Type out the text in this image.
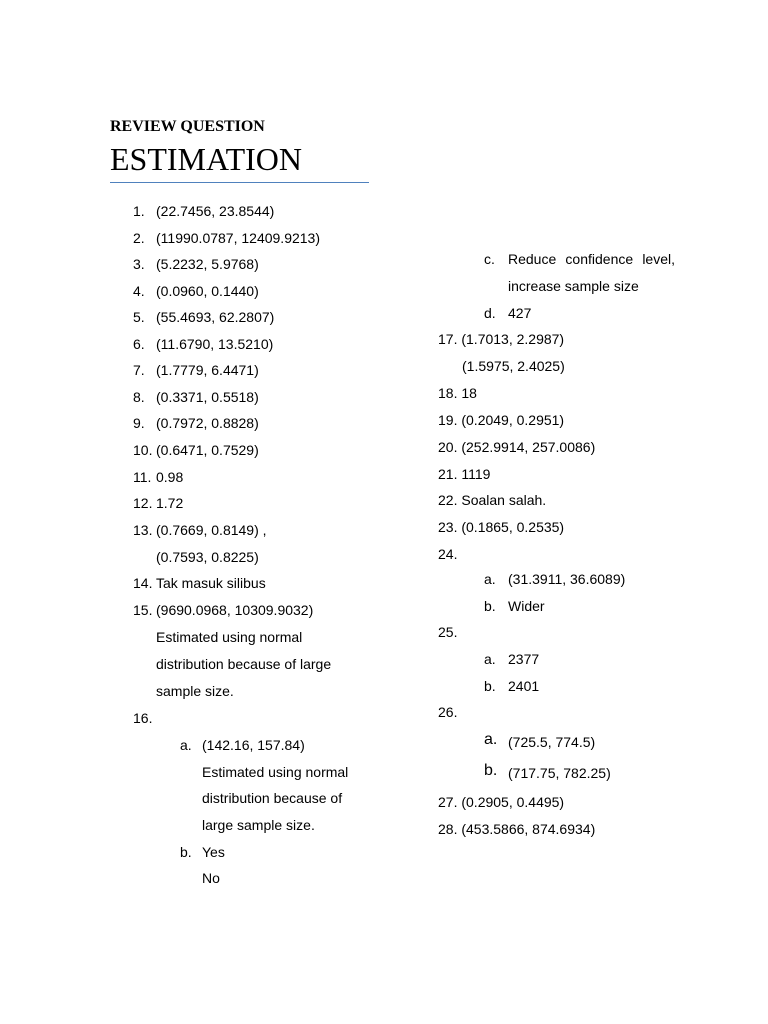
REVIEW QUESTION

ESTIMATION
1. (22.7456, 23.8544)
2. (11990.0787, 12409.9213)
3. (5.2232, 5.9768)
4. (0.0960, 0.1440)
5. (55.4693, 62.2807)
6. (11.6790, 13.5210)
7. (1.7779, 6.4471)
8. (0.3371, 0.5518)
9. (0.7972, 0.8828)
10. (0.6471, 0.7529)
11. 0.98
12. 1.72
13. (0.7669, 0.8149) ,
(0.7593, 0.8225)
14. Tak masuk silibus
15. (9690.0968, 10309.9032)
Estimated using normal
distribution because of large
sample size.
16.
a. (142.16, 157.84)
Estimated using normal
distribution because of
large sample size.
b. Yes
No
c. Reduce confidence level,
increase sample size
d. 427
17. (1.7013, 2.2987)
(1.5975, 2.4025)
18. 18
19. (0.2049, 0.2951)
20. (252.9914, 257.0086)
21. 1119
22. Soalan salah.
23. (0.1865, 0.2535)
24.
a. (31.3911, 36.6089)
b. Wider
25.
a. 2377
b. 2401
26.
a. (725.5, 774.5)
b. (717.75, 782.25)
27. (0.2905, 0.4495)
28. (453.5866, 874.6934)
